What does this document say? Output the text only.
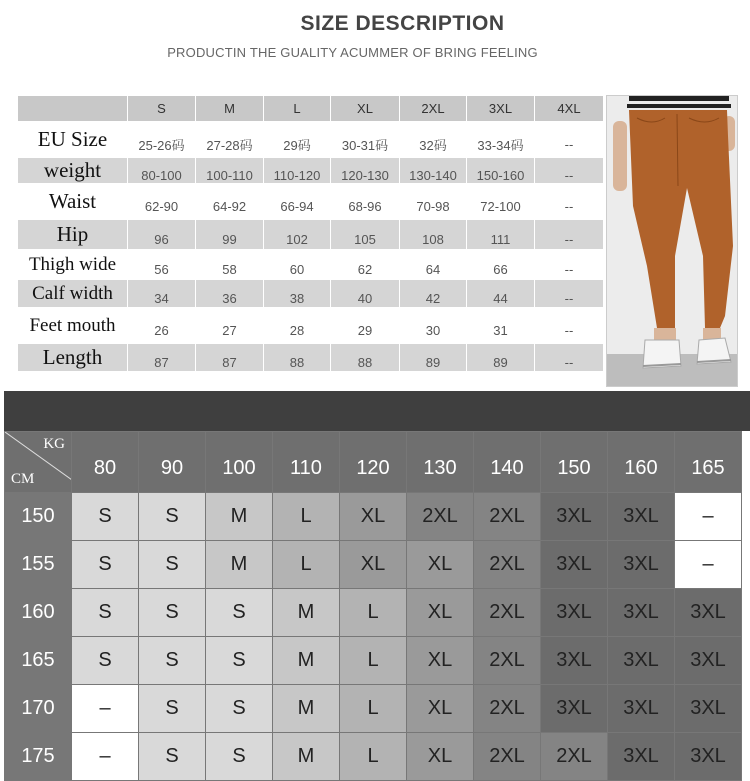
SIZE DESCRIPTION
PRODUCTIN THE GUALITY ACUMMER OF BRING FEELING
	S	M	L	XL	2XL	3XL	4XL
EU Size	25-26码	27-28码	29码	30-31码	32码	33-34码	--
weight	80-100	100-110	110-120	120-130	130-140	150-160	--
Waist	62-90	64-92	66-94	68-96	70-98	72-100	--
Hip	96	99	102	105	108	111	--
Thigh wide	56	58	60	62	64	66	--
Calf width	34	36	38	40	42	44	--
Feet mouth	26	27	28	29	30	31	--
Length	87	87	88	88	89	89	--
KG
CM	80	90	100	110	120	130	140	150	160	165
150	S	S	M	L	XL	2XL	2XL	3XL	3XL	–
155	S	S	M	L	XL	XL	2XL	3XL	3XL	–
160	S	S	S	M	L	XL	2XL	3XL	3XL	3XL
165	S	S	S	M	L	XL	2XL	3XL	3XL	3XL
170	–	S	S	M	L	XL	2XL	3XL	3XL	3XL
175	–	S	S	M	L	XL	2XL	2XL	3XL	3XL
